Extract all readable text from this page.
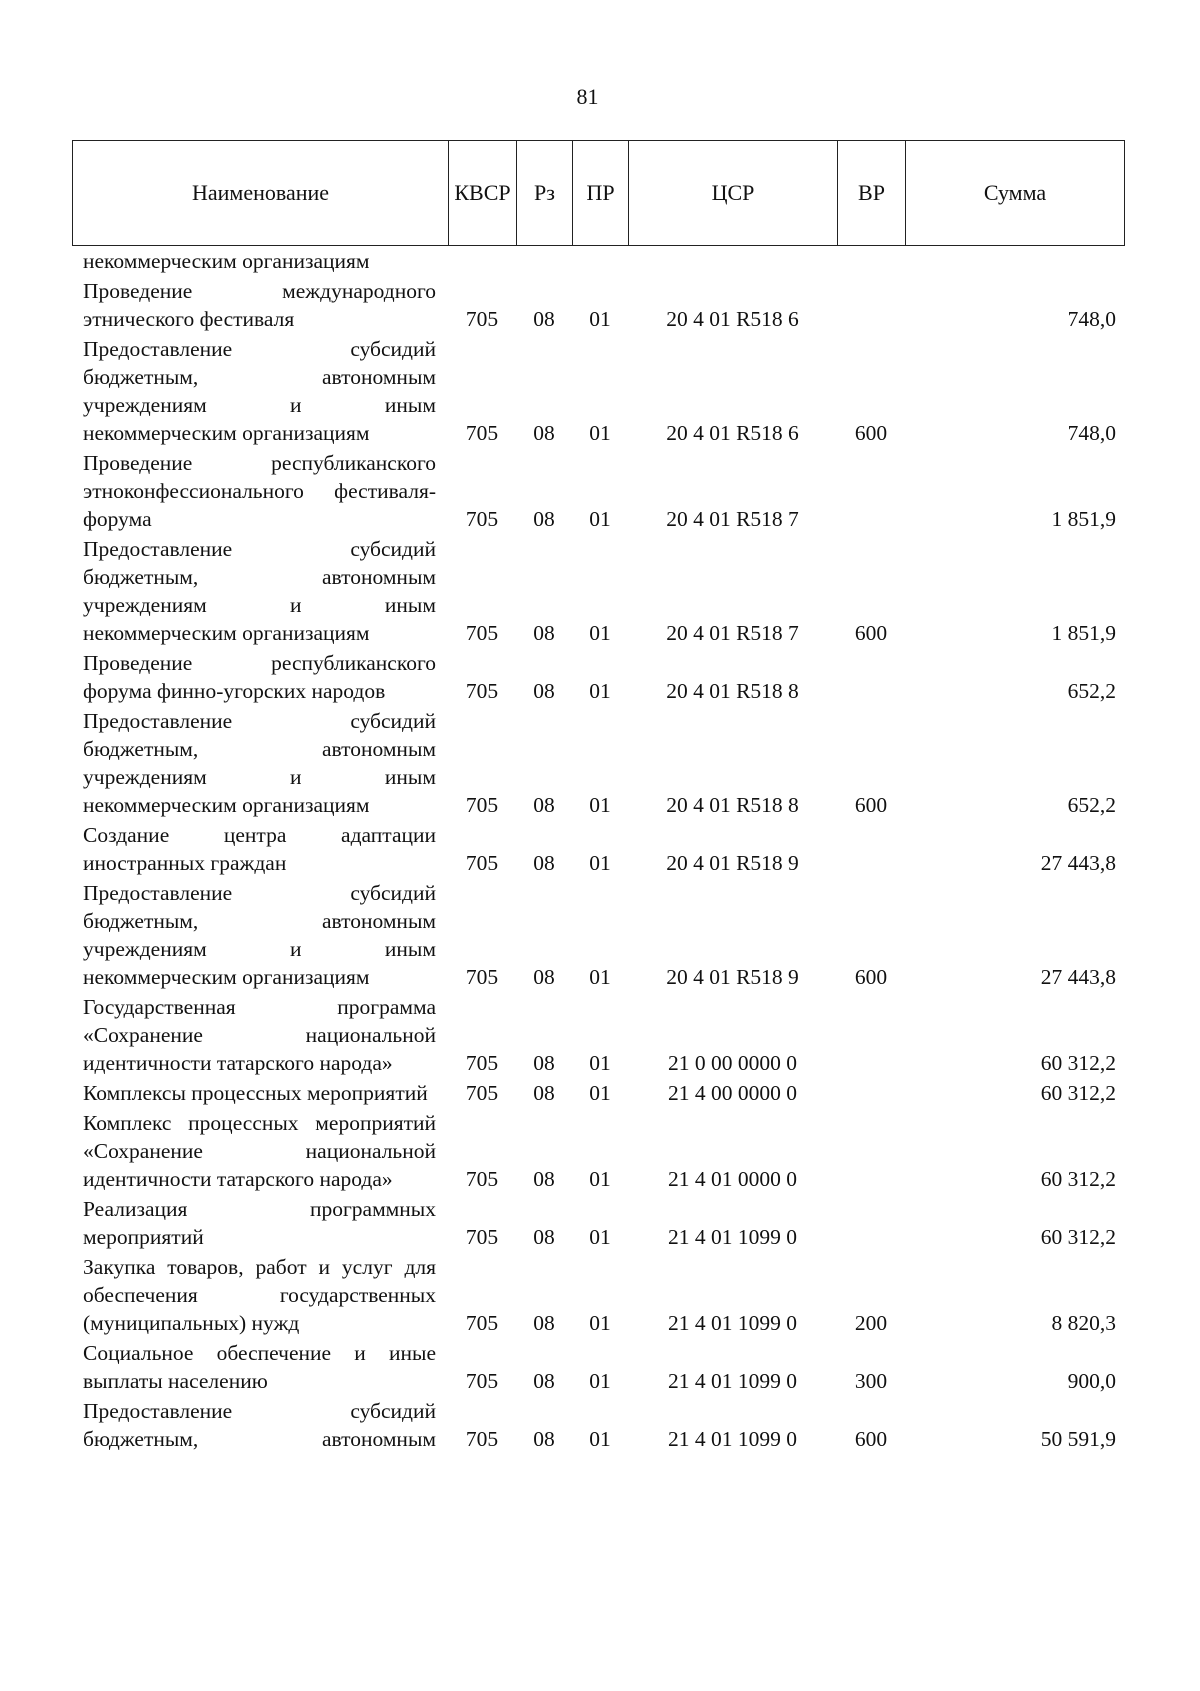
81
Наименование	КВСР	Рз	ПР	ЦСР	ВР	Сумма
некоммерческим организациям						
Проведение международного этнического фестиваля	705	08	01	20 4 01 R518 6		748,0
Предоставление субсидий бюджетным, автономным учреждениям и иным некоммерческим организациям	705	08	01	20 4 01 R518 6	600	748,0
Проведение республиканского этноконфессионального фестиваля-форума	705	08	01	20 4 01 R518 7		1 851,9
Предоставление субсидий бюджетным, автономным учреждениям и иным некоммерческим организациям	705	08	01	20 4 01 R518 7	600	1 851,9
Проведение республиканского форума финно-угорских народов	705	08	01	20 4 01 R518 8		652,2
Предоставление субсидий бюджетным, автономным учреждениям и иным некоммерческим организациям	705	08	01	20 4 01 R518 8	600	652,2
Создание центра адаптации иностранных граждан	705	08	01	20 4 01 R518 9		27 443,8
Предоставление субсидий бюджетным, автономным учреждениям и иным некоммерческим организациям	705	08	01	20 4 01 R518 9	600	27 443,8
Государственная программа «Сохранение национальной идентичности татарского народа»	705	08	01	21 0 00 0000 0		60 312,2
Комплексы процессных мероприятий	705	08	01	21 4 00 0000 0		60 312,2
Комплекс процессных мероприятий «Сохранение национальной идентичности татарского народа»	705	08	01	21 4 01 0000 0		60 312,2
Реализация программных мероприятий	705	08	01	21 4 01 1099 0		60 312,2
Закупка товаров, работ и услуг для обеспечения государственных (муниципальных) нужд	705	08	01	21 4 01 1099 0	200	8 820,3
Социальное обеспечение и иные выплаты населению	705	08	01	21 4 01 1099 0	300	900,0
Предоставление субсидий бюджетным, автономным	705	08	01	21 4 01 1099 0	600	50 591,9
